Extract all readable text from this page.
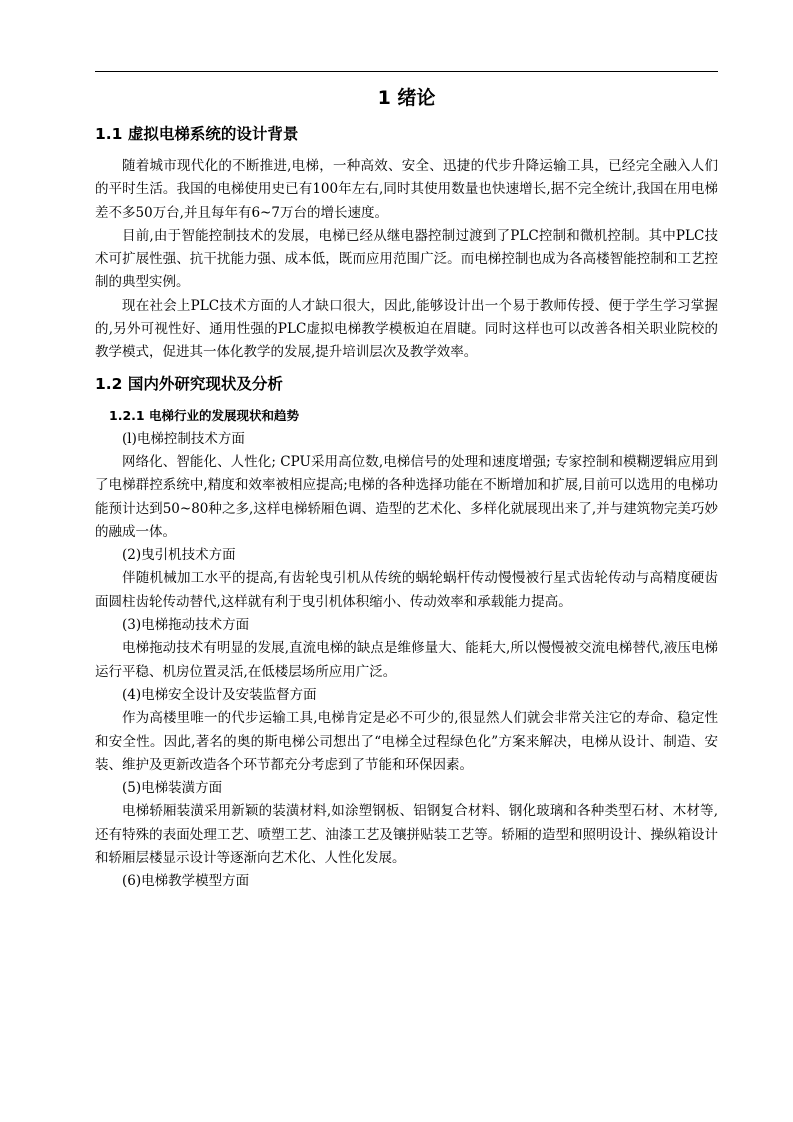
1 绪论
1.1 虚拟电梯系统的设计背景

随着城市现代化的不断推进,电梯，一种高效、安全、迅捷的代步升降运输工具，已经完全融入人们的平时生活。我国的电梯使用史已有100年左右,同时其使用数量也快速增长,据不完全统计,我国在用电梯差不多50万台,并且每年有6~7万台的增长速度。

目前,由于智能控制技术的发展，电梯已经从继电器控制过渡到了PLC控制和微机控制。其中PLC技术可扩展性强、抗干扰能力强、成本低，既而应用范围广泛。而电梯控制也成为各高楼智能控制和工艺控制的典型实例。

现在社会上PLC技术方面的人才缺口很大，因此,能够设计出一个易于教师传授、便于学生学习掌握的,另外可视性好、通用性强的PLC虚拟电梯教学模板迫在眉睫。同时这样也可以改善各相关职业院校的教学模式，促进其一体化教学的发展,提升培训层次及教学效率。

1.2 国内外研究现状及分析
1.2.1 电梯行业的发展现状和趋势

(l)电梯控制技术方面

网络化、智能化、人性化; CPU采用高位数,电梯信号的处理和速度增强; 专家控制和模糊逻辑应用到了电梯群控系统中,精度和效率被相应提高;电梯的各种选择功能在不断增加和扩展,目前可以选用的电梯功能预计达到50~80种之多,这样电梯轿厢色调、造型的艺术化、多样化就展现出来了,并与建筑物完美巧妙的融成一体。

(2)曳引机技术方面

伴随机械加工水平的提高,有齿轮曳引机从传统的蜗轮蜗杆传动慢慢被行星式齿轮传动与高精度硬齿面圆柱齿轮传动替代,这样就有利于曳引机体积缩小、传动效率和承载能力提高。

(3)电梯拖动技术方面

电梯拖动技术有明显的发展,直流电梯的缺点是维修量大、能耗大,所以慢慢被交流电梯替代,液压电梯运行平稳、机房位置灵活,在低楼层场所应用广泛。

(4)电梯安全设计及安装监督方面

作为高楼里唯一的代步运输工具,电梯肯定是必不可少的,很显然人们就会非常关注它的寿命、稳定性和安全性。因此,著名的奥的斯电梯公司想出了“电梯全过程绿色化”方案来解决，电梯从设计、制造、安装、维护及更新改造各个环节都充分考虑到了节能和环保因素。

(5)电梯装潢方面

电梯轿厢装潢采用新颖的装潢材料,如涂塑钢板、铝钢复合材料、钢化玻璃和各种类型石材、木材等,还有特殊的表面处理工艺、喷塑工艺、油漆工艺及镶拼贴装工艺等。轿厢的造型和照明设计、操纵箱设计和轿厢层楼显示设计等逐渐向艺术化、人性化发展。

(6)电梯教学模型方面
